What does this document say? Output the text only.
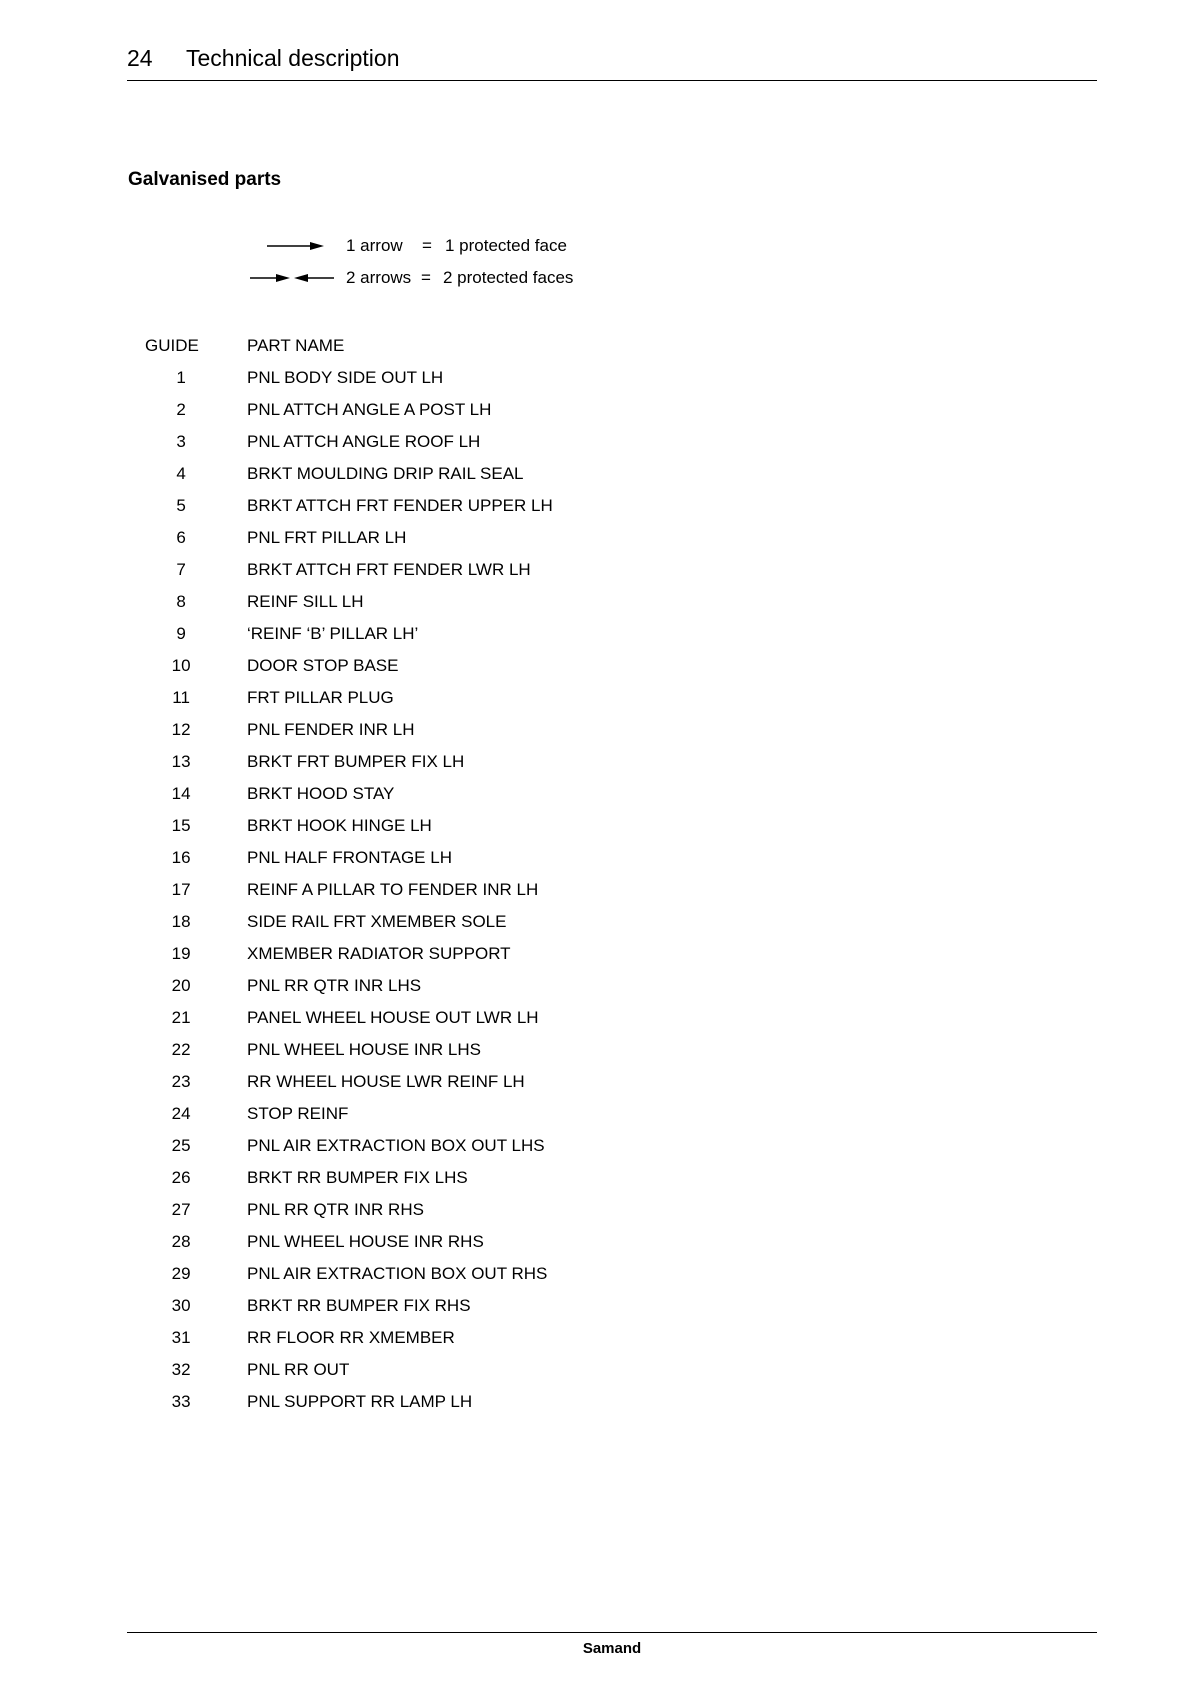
24 Technical description
Galvanised parts
1 arrow = 1 protected face
2 arrows = 2 protected faces
GUIDE		PART NAME
1		PNL BODY SIDE OUT LH
2		PNL ATTCH ANGLE A POST LH
3		PNL ATTCH ANGLE ROOF LH
4		BRKT MOULDING DRIP RAIL SEAL
5		BRKT ATTCH FRT FENDER UPPER LH
6		PNL FRT PILLAR LH
7		BRKT ATTCH FRT FENDER LWR LH
8		REINF SILL LH
9		‘REINF ‘B’ PILLAR LH’
10		DOOR STOP BASE
11		FRT PILLAR PLUG
12		PNL FENDER INR LH
13		BRKT FRT BUMPER FIX LH
14		BRKT HOOD STAY
15		BRKT HOOK HINGE LH
16		PNL HALF FRONTAGE LH
17		REINF A PILLAR TO FENDER INR LH
18		SIDE RAIL FRT XMEMBER SOLE
19		XMEMBER RADIATOR SUPPORT
20		PNL RR QTR INR LHS
21		PANEL WHEEL HOUSE OUT LWR LH
22		PNL WHEEL HOUSE INR LHS
23		RR WHEEL HOUSE LWR REINF LH
24		STOP REINF
25		PNL AIR EXTRACTION BOX OUT LHS
26		BRKT RR BUMPER FIX LHS
27		PNL RR QTR INR RHS
28		PNL WHEEL HOUSE INR RHS
29		PNL AIR EXTRACTION BOX OUT RHS
30		BRKT RR BUMPER FIX RHS
31		RR FLOOR RR XMEMBER
32		PNL RR OUT
33		PNL SUPPORT RR LAMP LH
Samand
